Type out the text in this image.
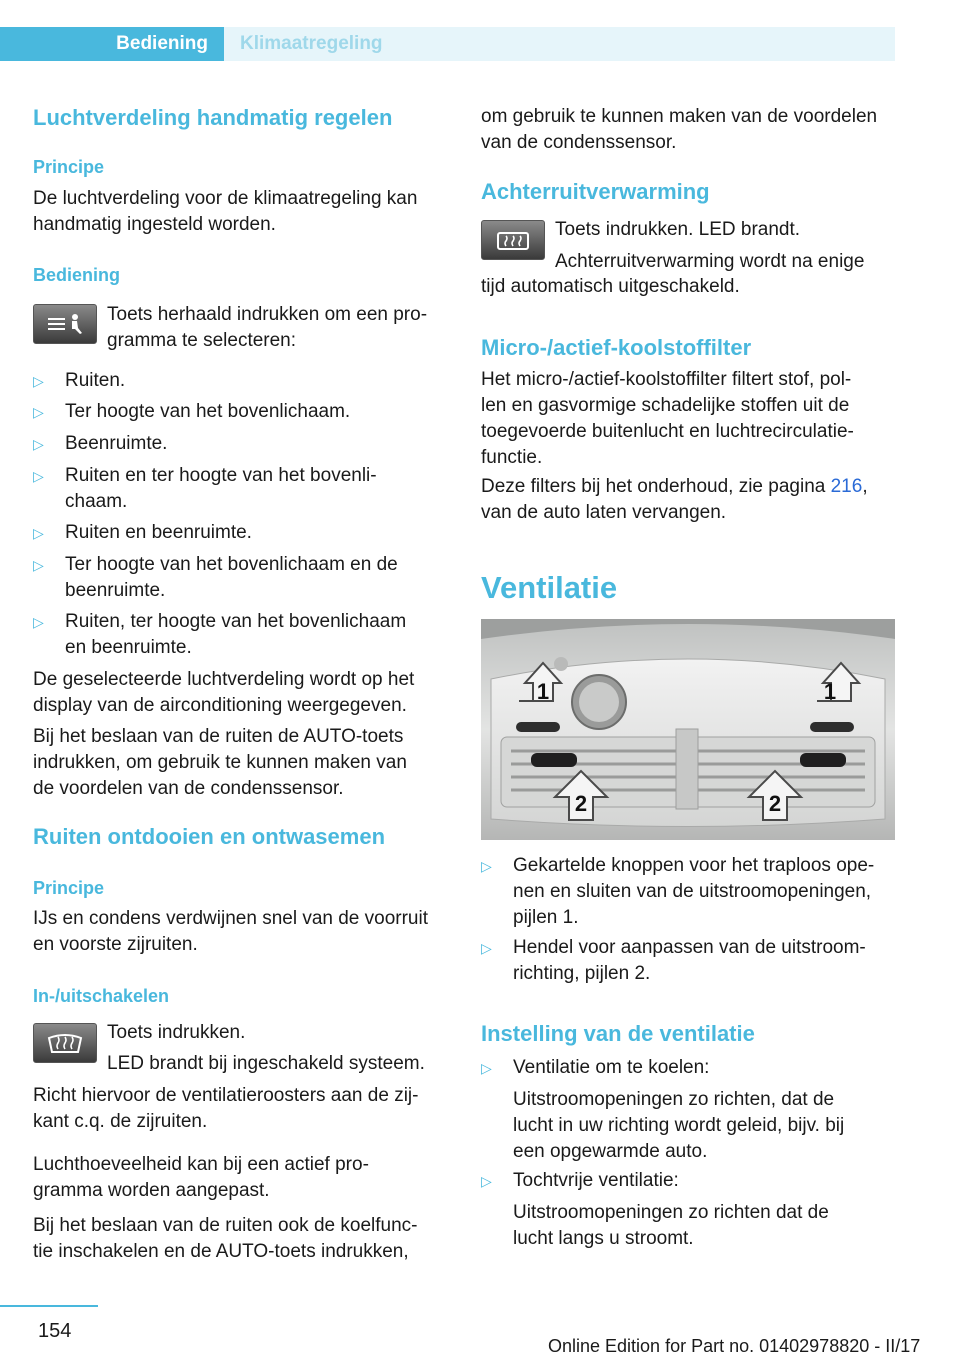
Bediening Klimaatregeling
Luchtverdeling handmatig regelen
Principe
De luchtverdeling voor de klimaatregeling kan
handmatig ingesteld worden.
Bediening
Toets herhaald indrukken om een pro-
gramma te selecteren:
▷	Ruiten.
▷	Ter hoogte van het bovenlichaam.
▷	Beenruimte.
▷	Ruiten en ter hoogte van het bovenli-
chaam.
▷	Ruiten en beenruimte.
▷	Ter hoogte van het bovenlichaam en de
beenruimte.
▷	Ruiten, ter hoogte van het bovenlichaam
en beenruimte.
De geselecteerde luchtverdeling wordt op het
display van de airconditioning weergegeven.
Bij het beslaan van de ruiten de AUTO-toets
indrukken, om gebruik te kunnen maken van
de voordelen van de condenssensor.
Ruiten ontdooien en ontwasemen
Principe
IJs en condens verdwijnen snel van de voorruit
en voorste zijruiten.
In-/uitschakelen
Toets indrukken.
LED brandt bij ingeschakeld systeem.
Richt hiervoor de ventilatieroosters aan de zij-
kant c.q. de zijruiten.
Luchthoeveelheid kan bij een actief pro-
gramma worden aangepast.
Bij het beslaan van de ruiten ook de koelfunc-
tie inschakelen en de AUTO-toets indrukken,
om gebruik te kunnen maken van de voordelen
van de condenssensor.
Achterruitverwarming
Toets indrukken. LED brandt.
Achterruitverwarming wordt na enige
tijd automatisch uitgeschakeld.
Micro-/actief-koolstoffilter
Het micro-/actief-koolstoffilter filtert stof, pol-
len en gasvormige schadelijke stoffen uit de
toegevoerde buitenlucht en luchtrecirculatie-
functie.
Deze filters bij het onderhoud, zie pagina 216,
van de auto laten vervangen.
Ventilatie
1	1
2	2
▷	Gekartelde knoppen voor het traploos ope-
nen en sluiten van de uitstroomopeningen,
pijlen 1.
▷	Hendel voor aanpassen van de uitstroom-
richting, pijlen 2.
Instelling van de ventilatie
▷	Ventilatie om te koelen:
Uitstroomopeningen zo richten, dat de
lucht in uw richting wordt geleid, bijv. bij
een opgewarmde auto.
▷	Tochtvrije ventilatie:
Uitstroomopeningen zo richten dat de
lucht langs u stroomt.
154
Online Edition for Part no. 01402978820 - II/17
